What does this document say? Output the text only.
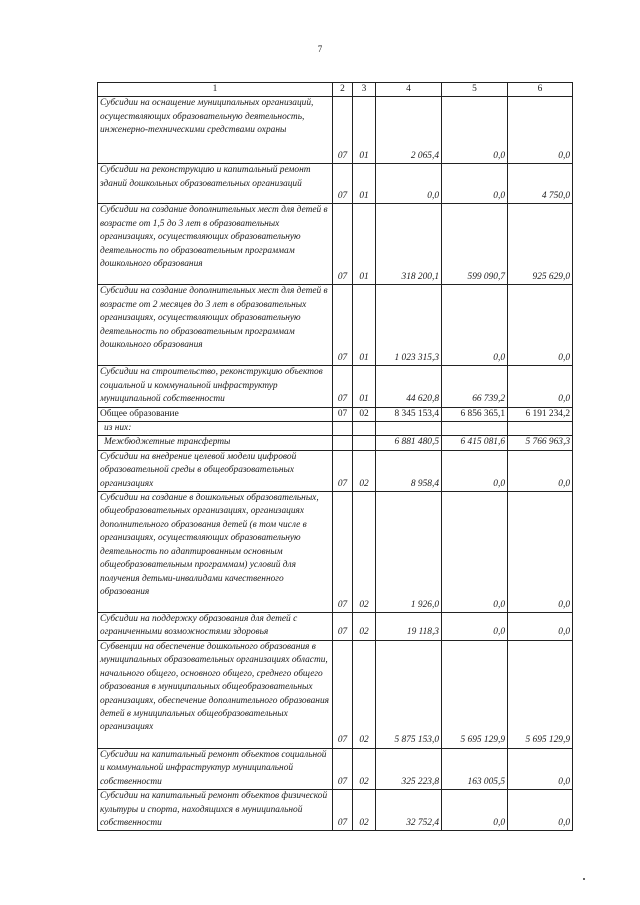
7
1	2	3	4	5	6
Субсидии на оснащение муниципальных организаций, осуществляющих образовательную деятельность, инженерно-техническими средствами охраны	07	01	2 065,4	0,0	0,0
Субсидии на реконструкцию и капитальный ремонт зданий дошкольных образовательных организаций	07	01	0,0	0,0	4 750,0
Субсидии на создание дополнительных мест для детей в возрасте от 1,5 до 3 лет в образовательных организациях, осуществляющих образовательную деятельность по образовательным программам дошкольного образования	07	01	318 200,1	599 090,7	925 629,0
Субсидии на создание дополнительных мест для детей в возрасте от 2 месяцев до 3 лет в образовательных организациях, осуществляющих образовательную деятельность по образовательным программам дошкольного образования	07	01	1 023 315,3	0,0	0,0
Субсидии на строительство, реконструкцию объектов социальной и коммунальной инфраструктур муниципальной собственности	07	01	44 620,8	66 739,2	0,0
Общее образование	07	02	8 345 153,4	6 856 365,1	6 191 234,2
из них:					
Межбюджетные трансферты			6 881 480,5	6 415 081,6	5 766 963,3
Субсидии на внедрение целевой модели цифровой образовательной среды в общеобразовательных организациях	07	02	8 958,4	0,0	0,0
Субсидии на создание в дошкольных образовательных, общеобразовательных организациях, организациях дополнительного образования детей (в том числе в организациях, осуществляющих образовательную деятельность по адаптированным основным общеобразовательным программам) условий для получения детьми-инвалидами качественного образования	07	02	1 926,0	0,0	0,0
Субсидии на поддержку образования для детей с ограниченными возможностями здоровья	07	02	19 118,3	0,0	0,0
Субвенции на обеспечение дошкольного образования в муниципальных образовательных организациях области, начального общего, основного общего, среднего общего образования в муниципальных общеобразовательных организациях, обеспечение дополнительного образования детей в муниципальных общеобразовательных организациях	07	02	5 875 153,0	5 695 129,9	5 695 129,9
Субсидии на капитальный ремонт объектов социальной и коммунальной инфраструктур муниципальной собственности	07	02	325 223,8	163 005,5	0,0
Субсидии на капитальный ремонт объектов физической культуры и спорта, находящихся в муниципальной собственности	07	02	32 752,4	0,0	0,0
